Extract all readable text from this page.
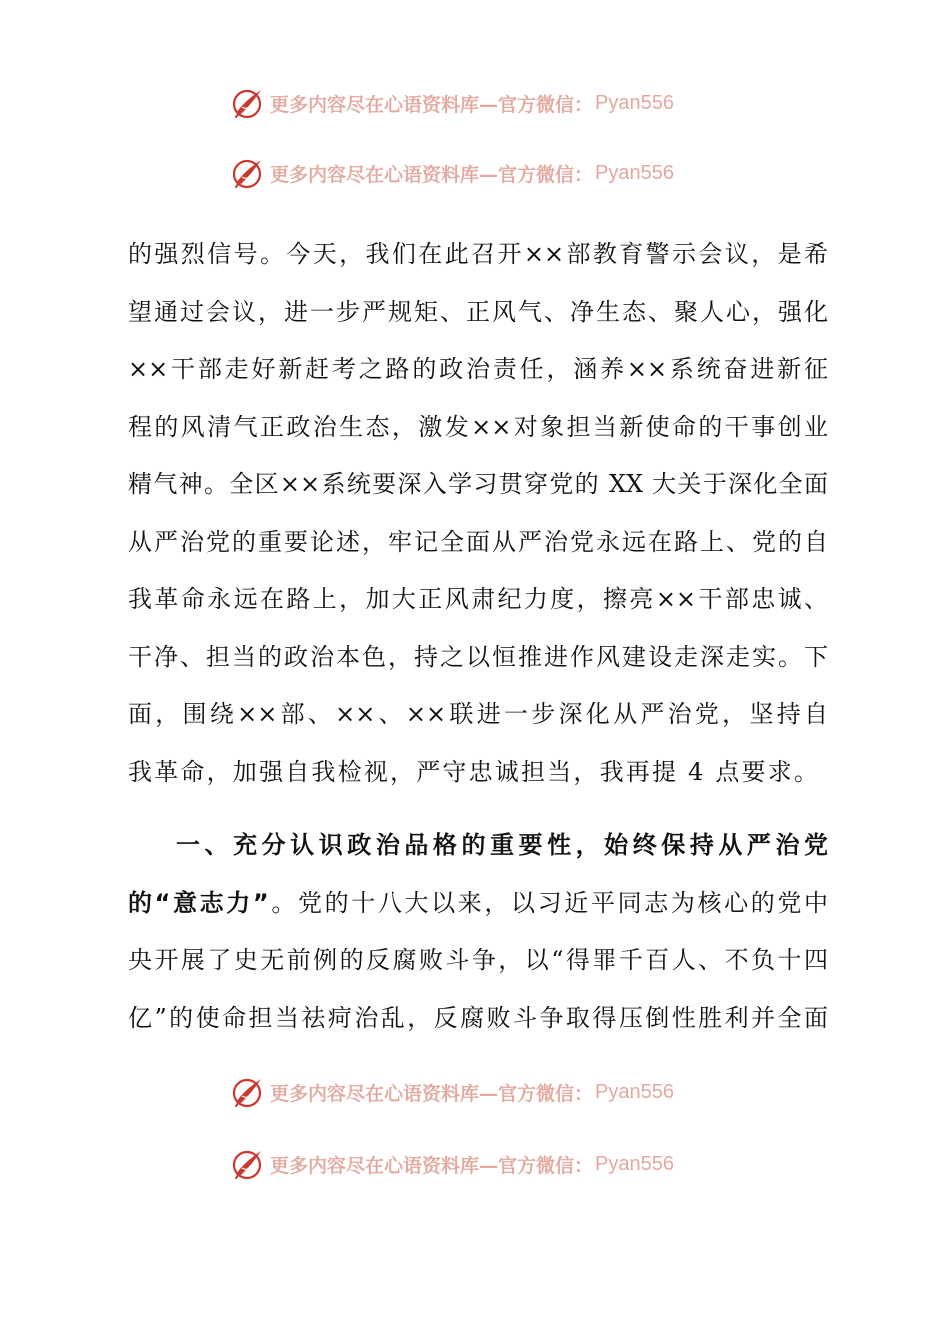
更多内容尽在心语资料库—官方微信： Pyan556
更多内容尽在心语资料库—官方微信： Pyan556
的强烈信号。今天，我们在此召开××部教育警示会议，是希
望通过会议，进一步严规矩、正风气、净生态、聚人心，强化
××干部走好新赶考之路的政治责任，涵养××系统奋进新征
程的风清气正政治生态，激发××对象担当新使命的干事创业
精气神。全区××系统要深入学习贯穿党的 XX 大关于深化全面
从严治党的重要论述，牢记全面从严治党永远在路上、党的自
我革命永远在路上，加大正风肃纪力度，擦亮××干部忠诚、
干净、担当的政治本色，持之以恒推进作风建设走深走实。下
面，围绕××部、××、××联进一步深化从严治党，坚持自
我革命，加强自我检视，严守忠诚担当，我再提 4 点要求。
一、充分认识政治品格的重要性，始终保持从严治党
的“意志力”。党的十八大以来，以习近平同志为核心的党中
央开展了史无前例的反腐败斗争，以“得罪千百人、不负十四
亿”的使命担当祛疴治乱，反腐败斗争取得压倒性胜利并全面
更多内容尽在心语资料库—官方微信： Pyan556
更多内容尽在心语资料库—官方微信： Pyan556
